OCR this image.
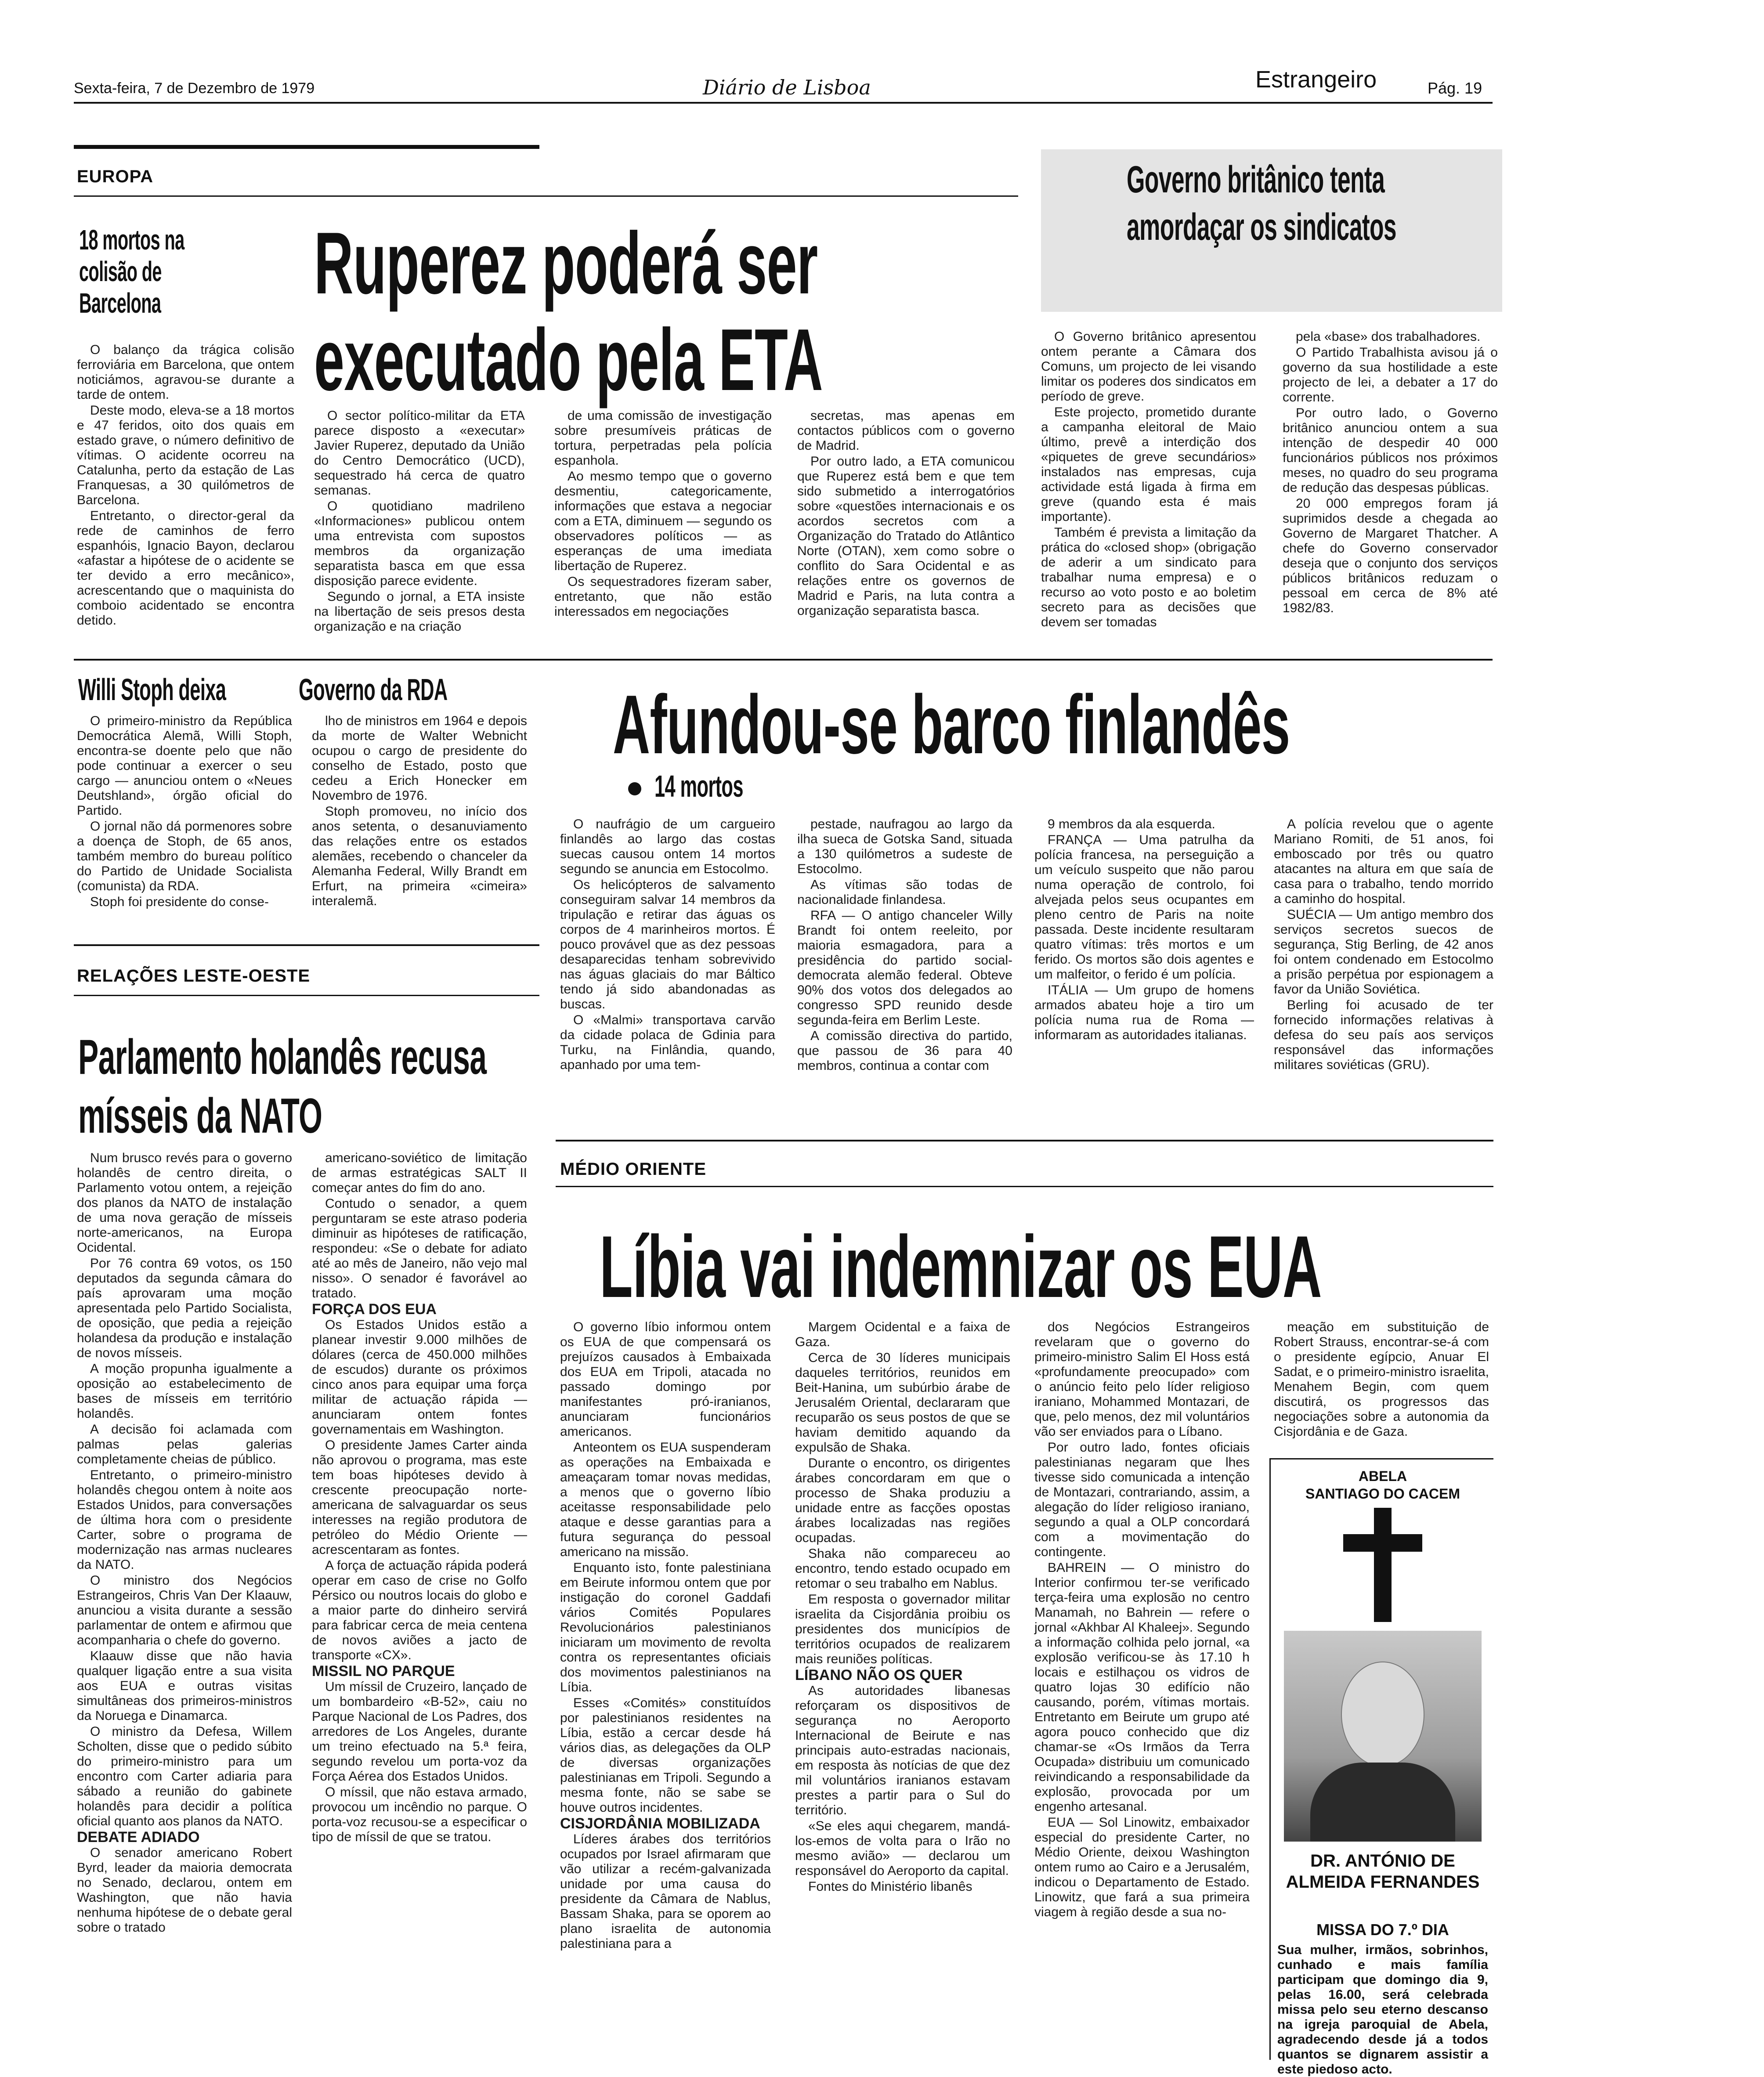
Sexta-feira, 7 de Dezembro de 1979	Diário de Lisboa	Estrangeiro	Pág. 19
EUROPA
18 mortos na colisão de Barcelona

O balanço da trágica colisão ferroviária em Barcelona, que ontem noticiámos, agravou-se durante a tarde de ontem.

Deste modo, eleva-se a 18 mortos e 47 feridos, oito dos quais em estado grave, o número definitivo de vítimas. O acidente ocorreu na Catalunha, perto da estação de Las Franquesas, a 30 quilómetros de Barcelona.

Entretanto, o director-geral da rede de caminhos de ferro espanhóis, Ignacio Bayon, declarou «afastar a hipótese de o acidente se ter devido a erro mecânico», acrescentando que o maquinista do comboio acidentado se encontra detido.

Ruperez poderá ser executado pela ETA

O sector político-militar da ETA parece disposto a «executar» Javier Ruperez, deputado da União do Centro Democrático (UCD), sequestrado há cerca de quatro semanas.

O quotidiano madrileno «Informaciones» publicou ontem uma entrevista com supostos membros da organização separatista basca em que essa disposição parece evidente.

Segundo o jornal, a ETA insiste na libertação de seis presos desta organização e na criação

de uma comissão de investigação sobre presumíveis práticas de tortura, perpetradas pela polícia espanhola.

Ao mesmo tempo que o governo desmentiu, categoricamente, informações que estava a negociar com a ETA, diminuem — segundo os observadores políticos — as esperanças de uma imediata libertação de Ruperez.

Os sequestradores fizeram saber, entretanto, que não estão interessados em negociações

secretas, mas apenas em contactos públicos com o governo de Madrid.

Por outro lado, a ETA comunicou que Ruperez está bem e que tem sido submetido a interrogatórios sobre «questões internacionais e os acordos secretos com a Organização do Tratado do Atlântico Norte (OTAN), xem como sobre o conflito do Sara Ocidental e as relações entre os governos de Madrid e Paris, na luta contra a organização separatista basca.

Governo britânico tenta amordaçar os sindicatos

O Governo britânico apresentou ontem perante a Câmara dos Comuns, um projecto de lei visando limitar os poderes dos sindicatos em período de greve.

Este projecto, prometido durante a campanha eleitoral de Maio último, prevê a interdição dos «piquetes de greve secundários» instalados nas empresas, cuja actividade está ligada à firma em greve (quando esta é mais importante).

Também é prevista a limitação da prática do «closed shop» (obrigação de aderir a um sindicato para trabalhar numa empresa) e o recurso ao voto posto e ao boletim secreto para as decisões que devem ser tomadas

pela «base» dos trabalhadores.

O Partido Trabalhista avisou já o governo da sua hostilidade a este projecto de lei, a debater a 17 do corrente.

Por outro lado, o Governo britânico anunciou ontem a sua intenção de despedir 40 000 funcionários públicos nos próximos meses, no quadro do seu programa de redução das despesas públicas.

20 000 empregos foram já suprimidos desde a chegada ao Governo de Margaret Thatcher. A chefe do Governo conservador deseja que o conjunto dos serviços públicos britânicos reduzam o pessoal em cerca de 8% até 1982/83.

Willi Stoph deixa	Governo da RDA

O primeiro-ministro da República Democrática Alemã, Willi Stoph, encontra-se doente pelo que não pode continuar a exercer o seu cargo — anunciou ontem o «Neues Deutshland», órgão oficial do Partido.

O jornal não dá pormenores sobre a doença de Stoph, de 65 anos, também membro do bureau político do Partido de Unidade Socialista (comunista) da RDA.

Stoph foi presidente do conse-

lho de ministros em 1964 e depois da morte de Walter Webnicht ocupou o cargo de presidente do conselho de Estado, posto que cedeu a Erich Honecker em Novembro de 1976.

Stoph promoveu, no início dos anos setenta, o desanuviamento das relações entre os estados alemães, recebendo o chanceler da Alemanha Federal, Willy Brandt em Erfurt, na primeira «cimeira» interalemã.

Afundou-se barco finlandês
14 mortos

O naufrágio de um cargueiro finlandês ao largo das costas suecas causou ontem 14 mortos segundo se anuncia em Estocolmo.

Os helicópteros de salvamento conseguiram salvar 14 membros da tripulação e retirar das águas os corpos de 4 marinheiros mortos. É pouco provável que as dez pessoas desaparecidas tenham sobrevivido nas águas glaciais do mar Báltico tendo já sido abandonadas as buscas.

O «Malmi» transportava carvão da cidade polaca de Gdinia para Turku, na Finlândia, quando, apanhado por uma tem-

pestade, naufragou ao largo da ilha sueca de Gotska Sand, situada a 130 quilómetros a sudeste de Estocolmo.

As vítimas são todas de nacionalidade finlandesa.

RFA — O antigo chanceler Willy Brandt foi ontem reeleito, por maioria esmagadora, para a presidência do partido social-democrata alemão federal. Obteve 90% dos votos dos delegados ao congresso SPD reunido desde segunda-feira em Berlim Leste.

A comissão directiva do partido, que passou de 36 para 40 membros, continua a contar com

9 membros da ala esquerda.

FRANÇA — Uma patrulha da polícia francesa, na perseguição a um veículo suspeito que não parou numa operação de controlo, foi alvejada pelos seus ocupantes em pleno centro de Paris na noite passada. Deste incidente resultaram quatro vítimas: três mortos e um ferido. Os mortos são dois agentes e um malfeitor, o ferido é um polícia.

ITÁLIA — Um grupo de homens armados abateu hoje a tiro um polícia numa rua de Roma — informaram as autoridades italianas.

A polícia revelou que o agente Mariano Romiti, de 51 anos, foi emboscado por três ou quatro atacantes na altura em que saía de casa para o trabalho, tendo morrido a caminho do hospital.

SUÉCIA — Um antigo membro dos serviços secretos suecos de segurança, Stig Berling, de 42 anos foi ontem condenado em Estocolmo a prisão perpétua por espionagem a favor da União Soviética.

Berling foi acusado de ter fornecido informações relativas à defesa do seu país aos serviços responsável das informações militares soviéticas (GRU).

RELAÇÕES LESTE-OESTE
Parlamento holandês recusa mísseis da NATO

Num brusco revés para o governo holandês de centro direita, o Parlamento votou ontem, a rejeição dos planos da NATO de instalação de uma nova geração de mísseis norte-americanos, na Europa Ocidental.

Por 76 contra 69 votos, os 150 deputados da segunda câmara do país aprovaram uma moção apresentada pelo Partido Socialista, de oposição, que pedia a rejeição holandesa da produção e instalação de novos mísseis.

A moção propunha igualmente a oposição ao estabelecimento de bases de mísseis em território holandês.

A decisão foi aclamada com palmas pelas galerias completamente cheias de público.

Entretanto, o primeiro-ministro holandês chegou ontem à noite aos Estados Unidos, para conversações de última hora com o presidente Carter, sobre o programa de modernização nas armas nucleares da NATO.

O ministro dos Negócios Estrangeiros, Chris Van Der Klaauw, anunciou a visita durante a sessão parlamentar de ontem e afirmou que acompanharia o chefe do governo.

Klaauw disse que não havia qualquer ligação entre a sua visita aos EUA e outras visitas simultâneas dos primeiros-ministros da Noruega e Dinamarca.

O ministro da Defesa, Willem Scholten, disse que o pedido súbito do primeiro-ministro para um encontro com Carter adiaria para sábado a reunião do gabinete holandês para decidir a política oficial quanto aos planos da NATO.

DEBATE ADIADO

O senador americano Robert Byrd, leader da maioria democrata no Senado, declarou, ontem em Washington, que não havia nenhuma hipótese de o debate geral sobre o tratado

americano-soviético de limitação de armas estratégicas SALT II começar antes do fim do ano.

Contudo o senador, a quem perguntaram se este atraso poderia diminuir as hipóteses de ratificação, respondeu: «Se o debate for adiato até ao mês de Janeiro, não vejo mal nisso». O senador é favorável ao tratado.

FORÇA DOS EUA

Os Estados Unidos estão a planear investir 9.000 milhões de dólares (cerca de 450.000 milhões de escudos) durante os próximos cinco anos para equipar uma força militar de actuação rápida — anunciaram ontem fontes governamentais em Washington.

O presidente James Carter ainda não aprovou o programa, mas este tem boas hipóteses devido à crescente preocupação norte-americana de salvaguardar os seus interesses na região produtora de petróleo do Médio Oriente — acrescentaram as fontes.

A força de actuação rápida poderá operar em caso de crise no Golfo Pérsico ou noutros locais do globo e a maior parte do dinheiro servirá para fabricar cerca de meia centena de novos aviões a jacto de transporte «CX».

MISSIL NO PARQUE

Um míssil de Cruzeiro, lançado de um bombardeiro «B-52», caiu no Parque Nacional de Los Padres, dos arredores de Los Angeles, durante um treino efectuado na 5.ª feira, segundo revelou um porta-voz da Força Aérea dos Estados Unidos.

O míssil, que não estava armado, provocou um incêndio no parque. O porta-voz recusou-se a especificar o tipo de míssil de que se tratou.

MÉDIO ORIENTE
Líbia vai indemnizar os EUA

O governo líbio informou ontem os EUA de que compensará os prejuízos causados à Embaixada dos EUA em Tripoli, atacada no passado domingo por manifestantes pró-iranianos, anunciaram funcionários americanos.

Anteontem os EUA suspenderam as operações na Embaixada e ameaçaram tomar novas medidas, a menos que o governo líbio aceitasse responsabilidade pelo ataque e desse garantias para a futura segurança do pessoal americano na missão.

Enquanto isto, fonte palestiniana em Beirute informou ontem que por instigação do coronel Gaddafi vários Comités Populares Revolucionários palestinianos iniciaram um movimento de revolta contra os representantes oficiais dos movimentos palestinianos na Líbia.

Esses «Comités» constituídos por palestinianos residentes na Líbia, estão a cercar desde há vários dias, as delegações da OLP de diversas organizações palestinianas em Tripoli. Segundo a mesma fonte, não se sabe se houve outros incidentes.

CISJORDÂNIA MOBILIZADA

Líderes árabes dos territórios ocupados por Israel afirmaram que vão utilizar a recém-galvanizada unidade por uma causa do presidente da Câmara de Nablus, Bassam Shaka, para se oporem ao plano israelita de autonomia palestiniana para a

Margem Ocidental e a faixa de Gaza.

Cerca de 30 líderes municipais daqueles territórios, reunidos em Beit-Hanina, um subúrbio árabe de Jerusalém Oriental, declararam que recuparão os seus postos de que se haviam demitido aquando da expulsão de Shaka.

Durante o encontro, os dirigentes árabes concordaram em que o processo de Shaka produziu a unidade entre as facções opostas árabes localizadas nas regiões ocupadas.

Shaka não compareceu ao encontro, tendo estado ocupado em retomar o seu trabalho em Nablus.

Em resposta o governador militar israelita da Cisjordânia proibiu os presidentes dos municípios de territórios ocupados de realizarem mais reuniões políticas.

LÍBANO NÃO OS QUER

As autoridades libanesas reforçaram os dispositivos de segurança no Aeroporto Internacional de Beirute e nas principais auto-estradas nacionais, em resposta às notícias de que dez mil voluntários iranianos estavam prestes a partir para o Sul do território.

«Se eles aqui chegarem, mandá-los-emos de volta para o Irão no mesmo avião» — declarou um responsável do Aeroporto da capital.

Fontes do Ministério libanês

dos Negócios Estrangeiros revelaram que o governo do primeiro-ministro Salim El Hoss está «profundamente preocupado» com o anúncio feito pelo líder religioso iraniano, Mohammed Montazari, de que, pelo menos, dez mil voluntários vão ser enviados para o Líbano.

Por outro lado, fontes oficiais palestinianas negaram que lhes tivesse sido comunicada a intenção de Montazari, contrariando, assim, a alegação do líder religioso iraniano, segundo a qual a OLP concordará com a movimentação do contingente.

BAHREIN — O ministro do Interior confirmou ter-se verificado terça-feira uma explosão no centro Manamah, no Bahrein — refere o jornal «Akhbar Al Khaleej». Segundo a informação colhida pelo jornal, «a explosão verificou-se às 17.10 h locais e estilhaçou os vidros de quatro lojas 30 edifício não causando, porém, vítimas mortais. Entretanto em Beirute um grupo até agora pouco conhecido que diz chamar-se «Os Irmãos da Terra Ocupada» distribuiu um comunicado reivindicando a responsabilidade da explosão, provocada por um engenho artesanal.

EUA — Sol Linowitz, embaixador especial do presidente Carter, no Médio Oriente, deixou Washington ontem rumo ao Cairo e a Jerusalém, indicou o Departamento de Estado. Linowitz, que fará a sua primeira viagem à região desde a sua no-

meação em substituição de Robert Strauss, encontrar-se-á com o presidente egípcio, Anuar El Sadat, e o primeiro-ministro israelita, Menahem Begin, com quem discutirá, os progressos das negociações sobre a autonomia da Cisjordânia e de Gaza.

ABELA
SANTIAGO DO CACEM
DR. ANTÓNIO DE ALMEIDA FERNANDES
MISSA DO 7.º DIA
Sua mulher, irmãos, sobrinhos, cunhado e mais família participam que domingo dia 9, pelas 16.00, será celebrada missa pelo seu eterno descanso na igreja paroquial de Abela, agradecendo desde já a todos quantos se dignarem assistir a este piedoso acto.
